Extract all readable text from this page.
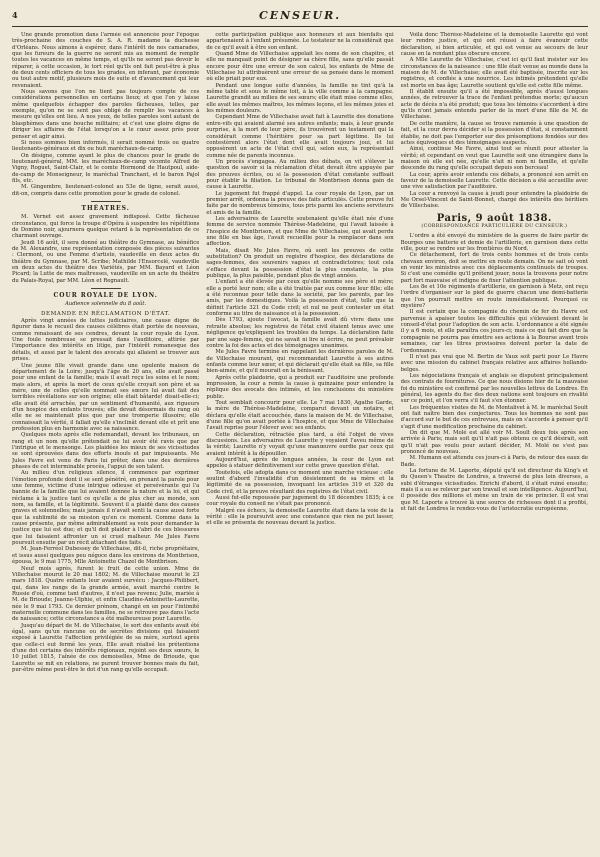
4	CENSEUR.

Une grande promotion dans l'armée est annoncée pour l'époque très-prochaine des couches de S. A. R. madame la duchesse d'Orléans. Nous aimons à espérer, dans l'intérêt de nos camarades, que les fureurs de la guerre ne seront mis au moment de remplir toutes les vacances en même temps, et qu'ils ne seront pas devoir le réparer, à cette occasion, le tort réel qu'ils ont fait peut-être à plus de deux cents officiers de tous les grades, en inferant, par économie ou tout autre motif, plusieurs mois de suite et d'avancement qui leur revenaient.

Nous savons que l'on ne tient pas toujours compte de ces considérations personnelles en certains lieux; et que l'on y laisse même quelquefois échapper des paroles fâcheuses, telles, par exemple, qu'on ne se sent pas obligé de remplir les vacances à mesure qu'elles ont lieu. A nos yeux, de telles paroles sont autant de blasphèmes dans une bouche militaire; et c'est une gloire digne de diriger les affaires de l'état lorsqu'on a le cœur assez près pour penser et agir ainsi.

Si nous sommes bien informés, il serait nommé trois ou quatre lieutenants-généraux et dix ou huit maréchaux-de-camp.

On désigne, comme ayant le plus de chances pour le grade de lieutenant-général, MM. les maréchaux-de-camp vicomte Alfred de Vigny, Roguet, Saint-Clair, et le comte Hormond de Hautpoul, aide-de-camp de Monseigneur, le maréchal Tranchant, et le baron Pajol fils, etc.

M. Gingembre, lieutenant-colonel au 53e de ligne, serait aussi, dit-on, compris dans cette promotion pour le grade de colonel.

THÉATRES.

M. Vernet est assez gravement indisposé. Cette fâcheuse circonstance, qui force la troupe d'Opéra à suspendre les répétitions de Domino noir, ajournera quelque retard à la représentation de ce charmant ouvrage.

Jeudi 16 août, il sera donné au théâtre du Gymnase, au bénéfice de M. Alexandre, une représentation composée des pièces suivantes : Clermont, ou une Femme d'artiste, vaudeville en deux actes du théâtre du Gymnase, par M. Scribe; Mathilde l'Ensorcelé, vaudeville en deux actes du théâtre des Variétés, par MM. Bayard et Léon Picard; la Lutte de mes maîtresses, vaudeville en un acte du théâtre du Palais-Royal, par MM. Léon et Regnault.

COUR ROYALE DE LYON.
Audience solennelle du 8 août.
DEMANDE EN RÉCLAMATION D'ÉTAT.

Après vingt années de luttes judiciaires, une cause digne de figurer dans le recueil des causes célèbres était portée de nouveau, comme renaissant de ses cendres, devant la cour royale de Lyon. Une foule nombreuse se pressait dans l'auditoire, attirée par l'importance des intérêts en litige, par l'intérêt romanesque des détails, et aussi par le talent des avocats qui allaient se trouver aux prises.

Une jeune fille vivait grande dans une opulente maison de département de la Loire; jusqu'à l'âge de 20 ans, elle avait passé pour une enfant de la famille; mais il avait reçu les soins et le nom; mais alors, et après la mort de ceux qu'elle croyait son père et sa mère, une de celles qu'elle nommait ses sœurs lui avait fait des terribles révélations sur son origine; elle était bâtarde! disait-elle-ci; elle avait été arrachée, par un sentiment d'humanité, aux rigueurs d'un hospice des enfants trouvés; elle devait désormais du rang où elle ne se maintenait plus que par une tromperie illusoire; elle connaissait la vérité, il fallait qu'elle s'inclinât devant elle et prît une profession plus en harmonie avec sa naissance.

Quelques mots après elle redemandait, devant les tribunaux, un rang et un nom qu'elle prétendait ne lui avoir été ravis que par l'intrigue et le mensonge. Les plaidées les mieux de ses vicissitudes se sont éprouvées dans des efforts inouïs et par impuissants. Me Jules Favre est venu de Paris lui prêter, dans une des dernières phases de cet interminable procès, l'appui de son talent.

Au milieu d'un religieux silence, il commence par exprimer l'émotion profonde dont il se sent pénétré, en prenant la parole pour une femme, victime d'une intrigue odieuse et persévérante qui l'a bannie de la famille que lui avaient donnée la nature et la loi, et qui réclame à la justice tant ce qu'elle a de plus cher au monde, son nom, sa famille, et la légitimité. Souvent il a plaidé dans des causes graves et solennelles; mais jamais il n'avait senti la cause aussi forte que la sublimité de sa mission qu'en ce moment. Comme dans la cause présente, par même admirablement sa voix pour demander la justice que lui est due; et qu'il doit plaider à l'abri de ces blessures que lui faisaient affronter un si cruel malheur. Me Jules Favre poursuit ensuite par un récit attachant des faits.

M. Jean-Ferréol Dubessey de Villechaise, dit-il, riche propriétaire, et issus aussi quelques peu négoce dans les environs de Montbrison, épousa, le 9 mai 1775, Mlle Antoinette Chazel de Montbrison.

Neuf mois après, furent le fruit de cette union. Mme de Villechaise mourut le 20 mai 1802; M. de Villechaise mourut le 23 mars 1818. Quatre enfants leur avaient survécu : Jacques-Philibert, qui, dans les rangs de la grande armée, avait marché contre le Russie d'où, comme tant d'autres, il n'est pas revenu; Julie, mariée à M. de Brioude; Jeanne-Ulphie, et enfin Claudine-Antoinette-Laurette, née le 9 mai 1793. Ce dernier prénom, changé en un pour l'intimité maternelle commune dans les familles, ne se retrouve pas dans l'acte de naissance; cette circonstance a été malheureuse pour Laurette.

Jusqu'au départ de M. de Villechaise, le sort des enfants avait été égal, sans qu'un rancune ou de secrètes divisions qui faisaient exposé à Laurette l'affection privilégiée de sa mère, surtout après que celle-ci eut fermé les yeux. Elle avait réalisé les prétentions d'une dot certains des intérêts régionaux, rejoint ses deux sœurs, le 10 juillet 1815, l'aînée de ces demoiselles, Mme de Brioude, que Laurette se mit en relations, ne purent trouver bonnes mais du fait, pur-être même peut-être le dot d'un rang qu'elle occupait.

cette participation publique aux honneurs et aux bienfaits qui appartenaient à l'enfant présumée. Le testateur ne la considérait que de ce qu'il avait à être son enfant.

Quand Mme de Villechaise appelait les noms de son chapitre, et elle ne manquait point de désigner sa chère fille, sans qu'elle passât encore pour être une erreur de son calcul, les enfants de Mme de Villechaise lui attribuèrent une erreur de sa pensée dans le moment où elle priait pour eux.

Pendant une longue suite d'années, la famille ne tint qu'à la même table et sous le même toit, à la ville comme à la campagne. Laurette grandit au milieu de ses sœurs; elle était mise comme elles, elle avait les mêmes maîtres, les mêmes leçons, et les mêmes joies et les mêmes douleurs.

Cependant Mme de Villechaise avait fait à Laurette des donations entre-vifs qui avaient alarmé ses autres enfants; mais, à leur grande surprise, à la mort de leur père, ils trouvèrent un testament qui la considérait comme l'héritière pour sa part légitime. Ils lui contestèrent alors l'état dont elle avait toujours joui, et lui opposèrent un acte de l'état civil qui, selon eux, la représentait comme née de parents inconnus.

Un procès s'engagea. Au milieu des débats, on vit s'élever la question de savoir si la réclamation d'état devait être appuyée par des preuves écrites, ou si la possession d'état constante suffisait pour établir la filiation. Le tribunal de Montbrison donna gain de cause à Laurette.

Le jugement fut frappé d'appel. La cour royale de Lyon, par un premier arrêt, ordonna la preuve des faits articulés. Cette preuve fut faite par de nombreux témoins, tous pris parmi les anciens serviteurs et amis de la famille.

Les adversaires de Laurette soutenaient qu'elle était née d'une femme de service nommée Thérèse-Madeleine, qui l'avait laissée à l'hospice de Montbrison, et que Mme de Villechaise, qui avait perdu une fille en bas âge, l'avait recueillie pour la remplacer dans son affection.

Mais, disait Me Jules Favre, où sont les preuves de cette substitution? On produit un registre d'hospice, des déclarations de sages-femmes, des souvenirs vagues et contradictoires; tout cela s'efface devant la possession d'état la plus constante, la plus publique, la plus paisible, pendant plus de vingt années.

L'enfant a été élevée par ceux qu'elle nomme ses père et mère; elle a porté leur nom; elle a été traitée par eux comme leur fille; elle a été reconnue pour telle dans la société, par les parents, par les amis, par les domestiques. Voilà la possession d'état, telle que la définit l'article 321 du Code civil; et nul ne peut contester un état conforme au titre de naissance et à la possession.

Dès 1793, ajoute l'avocat, la famille avait dû vivre dans une retraite absolue; les registres de l'état civil étaient tenus avec une négligence qu'expliquent les troubles du temps. La déclaration faite par une sage-femme, qui ne savait ni lire ni écrire, ne peut prévaloir contre la foi des actes et des témoignages unanimes.

Me Jules Favre termine en rappelant les dernières paroles de M. de Villechaise mourant, qui recommandait Laurette à ses autres enfants comme leur sœur, et qui déclarait qu'elle était sa fille, sa fille bien-aimée, et qu'il mourait en la bénissant.

Après cette plaidoirie, qui a produit sur l'auditoire une profonde impression, la cour a remis la cause à quinzaine pour entendre la réplique des avocats des intimés, et les conclusions du ministère public.

Tout semblait concourir pour elle. Le 7 mai 1830, Agathe Garde, la mère de Thérèse-Madeleine, comparut devant un notaire, et déclara qu'elle était accouchée, dans la maison de M. de Villechaise, d'une fille qu'on avait portée à l'hospice, et que Mme de Villechaise l'avait reprise pour l'élever avec ses enfants.

Cette déclaration, rétractée plus tard, a été l'objet de vives discussions. Les adversaires de Laurette y voyaient l'aveu même de la vérité; Laurette n'y voyait qu'une manœuvre ourdie par ceux qui avaient intérêt à la dépouiller.

Aujourd'hui, après de longues années, la cour de Lyon est appelée à statuer définitivement sur cette grave question d'état.

Toutefois, elle adopta dans ce moment une marche vicieuse : elle soutint d'abord l'invalidité d'un désistement de sa mère et la légitimité de sa possession, invoquant les articles 319 et 320 du Code civil, et la preuve résultant des registres de l'état civil.

Aussi fut-elle repoussée par jugement du 18 décembre 1835; à ce cour royale du conseil ne s'était pas prononcé.

Malgré ces échecs, la demoiselle Laurette était dans la voie de la vérité : elle la poursuivit avec une constance que rien ne put lasser, et elle se présenta de nouveau devant la justice.

Voilà donc Thérèse-Madeleine et la demoiselle Laurette qui vont leur rendre justice, et qui ont réussi à faire évanouir cette déclaration, si bien articulée, et qui est venue au secours de leur cause en la rendant plus obscure encore.

A Mlle Laurette de Villechaise, c'est ici qu'il faut insister sur les circonstances de la naissance : une fille était venue au monde dans la maison de M. de Villechaise; elle avait été baptisée, inscrite sur les registres, et confiée à une nourrice. Les intimés prétendent qu'elle est morte en bas âge; Laurette soutient qu'elle est cette fille même.

Il établit ensuite qu'il a été impossible, après d'aussi longues années, de retrouver la trace de l'enfant prétendue morte; qu'aucun acte de décès n'a été produit; que tous les témoins s'accordent à dire qu'ils n'ont jamais entendu parler de la mort d'une fille de M. de Villechaise.

De cette manière, la cause se trouve ramenée à une question de fait, et la cour devra décider si la possession d'état, si constamment établie, ne doit pas l'emporter sur des présomptions fondées sur des actes équivoques et des témoignages suspects.

Ainsi, continue Me Favre, ainsi tout se réunit pour attester la vérité; et cependant on veut que Laurette soit une étrangère dans la maison où elle est née, qu'elle n'ait ni nom ni famille, et qu'elle descende du rang qu'elle occupait depuis son berceau!

La cour, après avoir entendu ces débats, a prononcé son arrêt en faveur de la demoiselle Laurette. Cette décision a été accueillie avec une vive satisfaction par l'auditoire.

La cour a renvoyé la cause à jeudi pour entendre la plaidoirie de Me Orsel-Vincent de Saint-Bonnet, chargé des intérêts des héritiers de Villechaise.

Paris, 9 août 1838.
(CORRESPONDANCE PARTICULIÈRE DU CENSEUR.)

L'ordre a été envoyé du ministère de la guerre de faire partir de Bourges une batterie et demie de l'artillerie, en garnison dans cette ville, pour se rendre sur les frontières du Nord.

Ce détachement, fort de trois cents hommes et de trois cents chevaux environ, doit se mettre en route demain. On ne sait où vont en venir les ministres avec ces déplacements continuels de troupes. Si c'est une comédie qu'il prétend jouer, nous la trouvons pour notre part fort mauvaise et indigne de fixer l'attention publique.

Les 8e et 10e régiments d'artillerie, en garnison à Metz, ont reçu l'ordre d'organiser sur le pied de guerre chacun une demi-batterie que l'on pourrait mettre en route immédiatement. Pourquoi ce mystère?

Il est certain que la compagnie du chemin de fer du Havre est parvenue à apaiser toutes les difficultés qui s'élevaient devant le conseil-d'état pour l'adoption de son acte. L'ordonnance a été signée il y a 6 mois, et elle paraîtra ces jours-ci; mais ce qui fait dire que la compagnie ne pourra pas émettre ses actions à la Bourse avant trois semaines, car les titres provisoires doivent porter la date de l'ordonnance.

Il n'est pas vrai que M. Bertin de Vaux soit parti pour Le Havre avec une mission du cabinet français relative aux affaires hollando-belges.

Les négociations français et anglais se disputent principalement des contrats de fournitures. Ce que nous disions hier de la mauvaise foi du ministère est confirmé par les nouvelles lettres de Londres. En général, les agents du fisc des deux nations sont toujours en rivalité sur ce point, et l'on verra s'il faut s'en étonner.

Les fréquentes visites de M. de Montalivet à M. le maréchal Soult ont fait naître bien des conjectures. Tous les hommes ne sont pas d'accord sur le but de ces entrevues, mais on s'accorde à penser qu'il s'agit d'une modification prochaine du cabinet.

On dit que M. Molé est allé voir M. Soult deux fois après son arrivée à Paris; mais soit qu'il n'ait pas obtenu ce qu'il désirait, soit qu'il n'ait pas voulu pour autant décider, M. Molé ne s'est pas prononcé de nouveau.

M. Humann est attendu ces jours-ci à Paris, de retour des eaux de Bade.

La fortune de M. Laporte, député qu'il est directeur du King's et du Queen's Theatre de Londres, a traversé de plus loin diverses, a subi d'étranges vicissitudes. Enrichi d'abord, il s'était ruiné ensuite; mais il a su se relever par son travail et son intelligence. Aujourd'hui, il possède des millions et mène un train de vie princier. Il est vrai que M. Laporte a trouvé là une source de richesses dont il a profité, et fait de Londres le rendez-vous de l'aristocratie européenne.
